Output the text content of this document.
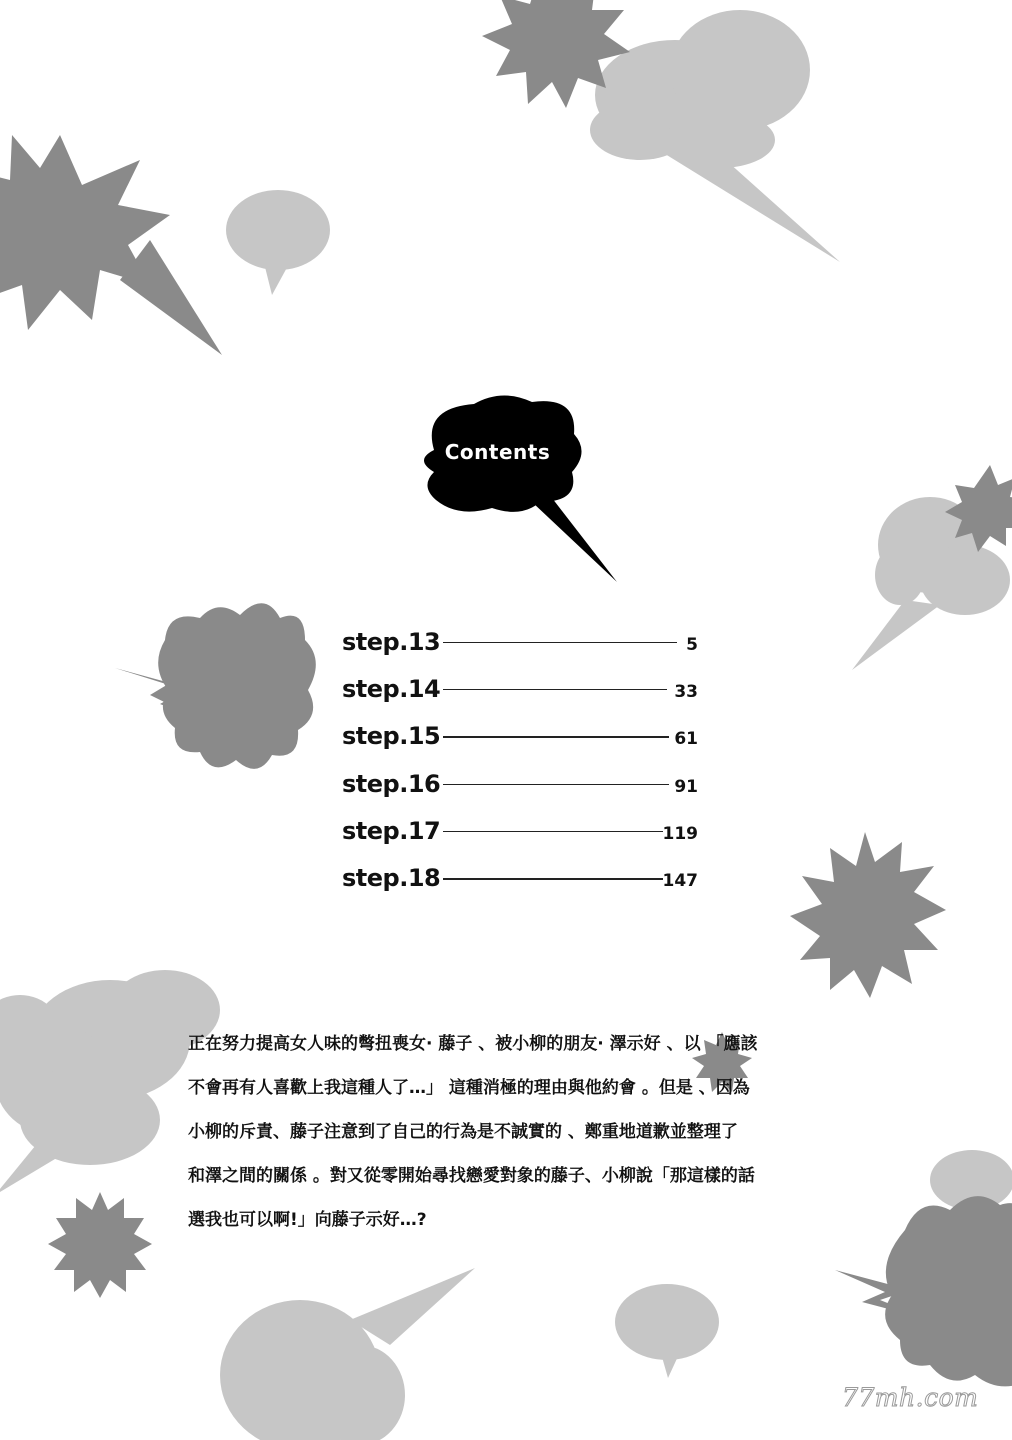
Contents
step.13	5
step.14	33
step.15	61
step.16	91
step.17	119
step.18	147
正在努力提高女人味的彆扭喪女· 藤子 、被小柳的朋友· 澤示好 、以 「應該
不會再有人喜歡上我這種人了…」 這種消極的理由與他約會 。但是 、因為
小柳的斥責、藤子注意到了自己的行為是不誠實的 、鄭重地道歉並整理了
和澤之間的關係 。對又從零開始尋找戀愛對象的藤子、小柳說「那這樣的話
選我也可以啊!」向藤子示好…?
77mh.com
